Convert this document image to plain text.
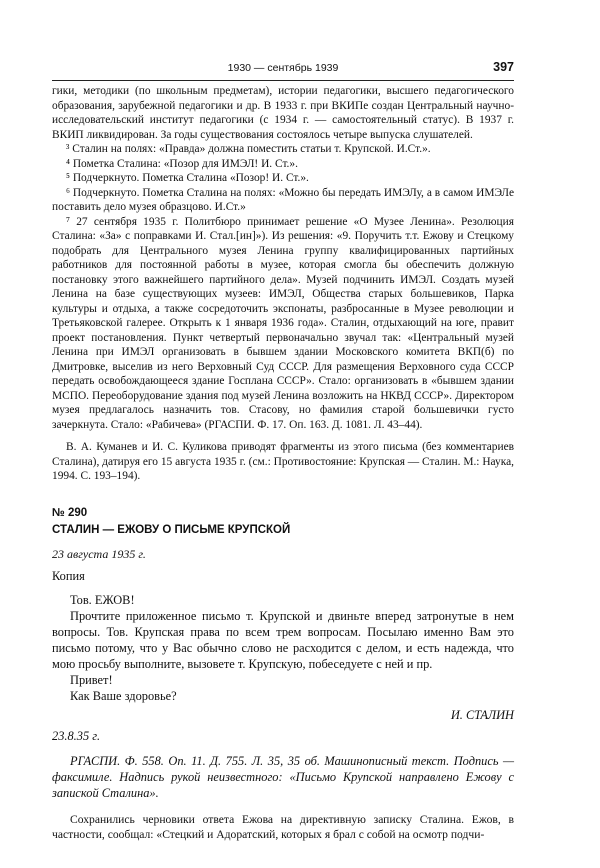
1930 — сентябрь 1939	397

гики, методики (по школьным предметам), истории педагогики, высшего педагогического образования, зарубежной педагогики и др. В 1933 г. при ВКИПе создан Центральный научно-исследовательский институт педагогики (с 1934 г. — самостоятельный статус). В 1937 г. ВКИП ликвидирован. За годы существования состоялось четыре выпуска слушателей.

³ Сталин на полях: «Правда» должна поместить статьи т. Крупской. И.Ст.».

⁴ Пометка Сталина: «Позор для ИМЭЛ! И. Ст.».

⁵ Подчеркнуто. Пометка Сталина «Позор! И. Ст.».

⁶ Подчеркнуто. Пометка Сталина на полях: «Можно бы передать ИМЭЛу, а в самом ИМЭЛе поставить дело музея образцово. И.Ст.»

⁷ 27 сентября 1935 г. Политбюро принимает решение «О Музее Ленина». Резолюция Сталина: «За» с поправками И. Стал.[ин]»). Из решения: «9. Поручить т.т. Ежову и Стецкому подобрать для Центрального музея Ленина группу квалифицированных партийных работников для постоянной работы в музее, которая смогла бы обеспечить должную постановку этого важнейшего партийного дела». Музей подчинить ИМЭЛ. Создать музей Ленина на базе существующих музеев: ИМЭЛ, Общества старых большевиков, Парка культуры и отдыха, а также сосредоточить экспонаты, разбросанные в Музее революции и Третьяковской галерее. Открыть к 1 января 1936 года». Сталин, отдыхающий на юге, правит проект постановления. Пункт четвертый первоначально звучал так: «Центральный музей Ленина при ИМЭЛ организовать в бывшем здании Московского комитета ВКП(б) по Дмитровке, выселив из него Верховный Суд СССР. Для размещения Верховного суда СССР передать освобождающееся здание Госплана СССР». Стало: организовать в «бывшем здании МСПО. Переоборудование здания под музей Ленина возложить на НКВД СССР». Директором музея предлагалось назначить тов. Стасову, но фамилия старой большевички густо зачеркнута. Стало: «Рабичева» (РГАСПИ. Ф. 17. Оп. 163. Д. 1081. Л. 43–44).

В. А. Куманев и И. С. Куликова приводят фрагменты из этого письма (без комментариев Сталина), датируя его 15 августа 1935 г. (см.: Противостояние: Крупская — Сталин. М.: Наука, 1994. С. 193–194).

№ 290

СТАЛИН — ЕЖОВУ О ПИСЬМЕ КРУПСКОЙ

23 августа 1935 г.

Копия

Тов. ЕЖОВ!

Прочтите приложенное письмо т. Крупской и двиньте вперед затронутые в нем вопросы. Тов. Крупская права по всем трем вопросам. Посылаю именно Вам это письмо потому, что у Вас обычно слово не расходится с делом, и есть надежда, что мою просьбу выполните, вызовете т. Крупскую, побеседуете с ней и пр.

Привет!

Как Ваше здоровье?

И. СТАЛИН

23.8.35 г.

РГАСПИ. Ф. 558. Оп. 11. Д. 755. Л. 35, 35 об. Машинописный текст. Подпись — факсимиле. Надпись рукой неизвестного: «Письмо Крупской направлено Ежову с запиской Сталина».

Сохранились черновики ответа Ежова на директивную записку Сталина. Ежов, в частности, сообщал: «Стецкий и Адоратский, которых я брал с собой на осмотр подчи-
